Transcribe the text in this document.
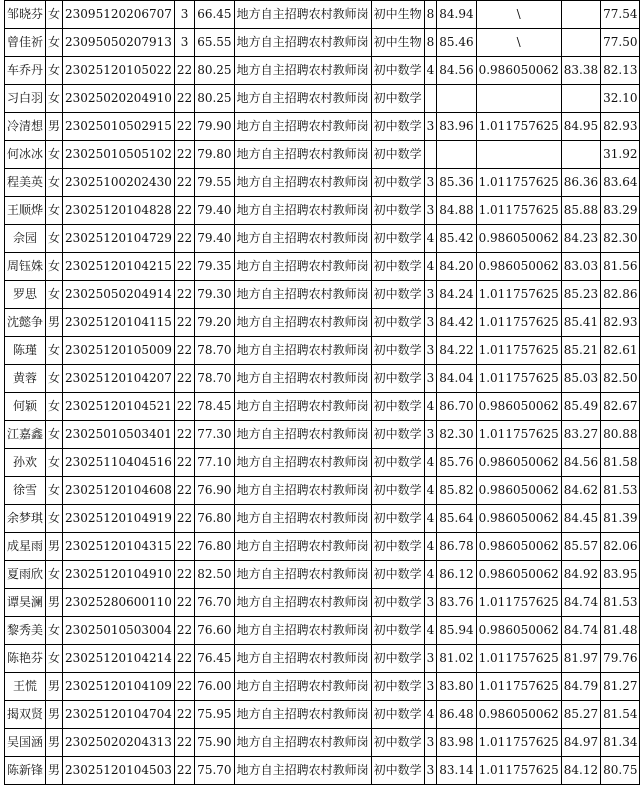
邹晓芬	女	23095120206707	3	66.45	地方自主招聘农村教师岗	初中生物	8	84.94	\		77.54
曾佳祈	女	23095050207913	3	65.55	地方自主招聘农村教师岗	初中生物	8	85.46	\		77.50
车乔丹	女	23025120105022	22	80.25	地方自主招聘农村教师岗	初中数学	4	84.56	0.986050062	83.38	82.13
习白羽	女	23025020204910	22	80.25	地方自主招聘农村教师岗	初中数学					32.10
冷清想	男	23025010502915	22	79.90	地方自主招聘农村教师岗	初中数学	3	83.96	1.011757625	84.95	82.93
何冰冰	女	23025010505102	22	79.80	地方自主招聘农村教师岗	初中数学					31.92
程美英	女	23025100202430	22	79.55	地方自主招聘农村教师岗	初中数学	3	85.36	1.011757625	86.36	83.64
王顺烨	女	23025120104828	22	79.40	地方自主招聘农村教师岗	初中数学	3	84.88	1.011757625	85.88	83.29
佘园	女	23025120104729	22	79.40	地方自主招聘农村教师岗	初中数学	4	85.42	0.986050062	84.23	82.30
周钰姝	女	23025120104215	22	79.35	地方自主招聘农村教师岗	初中数学	4	84.20	0.986050062	83.03	81.56
罗思	女	23025050204914	22	79.30	地方自主招聘农村教师岗	初中数学	3	84.24	1.011757625	85.23	82.86
沈懿争	男	23025120104115	22	79.20	地方自主招聘农村教师岗	初中数学	3	84.42	1.011757625	85.41	82.93
陈瑾	女	23025120105009	22	78.70	地方自主招聘农村教师岗	初中数学	3	84.22	1.011757625	85.21	82.61
黄蓉	女	23025120104207	22	78.70	地方自主招聘农村教师岗	初中数学	3	84.04	1.011757625	85.03	82.50
何颖	女	23025120104521	22	78.45	地方自主招聘农村教师岗	初中数学	4	86.70	0.986050062	85.49	82.67
江嘉鑫	女	23025010503401	22	77.30	地方自主招聘农村教师岗	初中数学	3	82.30	1.011757625	83.27	80.88
孙欢	女	23025110404516	22	77.10	地方自主招聘农村教师岗	初中数学	4	85.76	0.986050062	84.56	81.58
徐雪	女	23025120104608	22	76.90	地方自主招聘农村教师岗	初中数学	4	85.82	0.986050062	84.62	81.53
余梦琪	女	23025120104919	22	76.80	地方自主招聘农村教师岗	初中数学	4	85.64	0.986050062	84.45	81.39
成星雨	男	23025120104315	22	76.80	地方自主招聘农村教师岗	初中数学	4	86.78	0.986050062	85.57	82.06
夏雨欣	女	23025120104910	22	82.50	地方自主招聘农村教师岗	初中数学	4	86.12	0.986050062	84.92	83.95
谭昊澜	男	23025280600110	22	76.70	地方自主招聘农村教师岗	初中数学	3	83.76	1.011757625	84.74	81.53
黎秀美	女	23025010503004	22	76.60	地方自主招聘农村教师岗	初中数学	4	85.94	0.986050062	84.74	81.48
陈艳芬	女	23025120104214	22	76.45	地方自主招聘农村教师岗	初中数学	3	81.02	1.011757625	81.97	79.76
王慌	男	23025120104109	22	76.00	地方自主招聘农村教师岗	初中数学	3	83.80	1.011757625	84.79	81.27
揭双贤	男	23025120104704	22	75.95	地方自主招聘农村教师岗	初中数学	4	86.48	0.986050062	85.27	81.54
吴国涵	男	23025020204313	22	75.90	地方自主招聘农村教师岗	初中数学	3	83.98	1.011757625	84.97	81.34
陈新锋	男	23025120104503	22	75.70	地方自主招聘农村教师岗	初中数学	3	83.14	1.011757625	84.12	80.75
